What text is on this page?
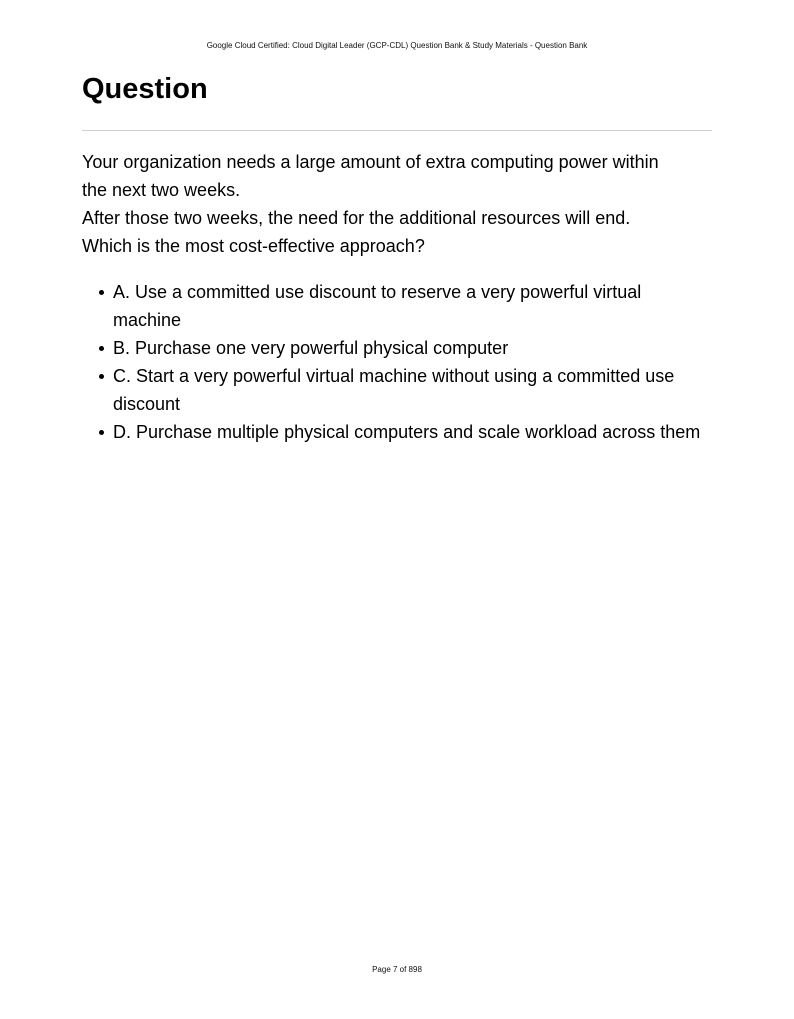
Google Cloud Certified: Cloud Digital Leader (GCP-CDL) Question Bank & Study Materials - Question Bank
Question
Your organization needs a large amount of extra computing power within
the next two weeks.
After those two weeks, the need for the additional resources will end.
Which is the most cost-effective approach?
A. Use a committed use discount to reserve a very powerful virtual machine
B. Purchase one very powerful physical computer
C. Start a very powerful virtual machine without using a committed use discount
D. Purchase multiple physical computers and scale workload across them
Page 7 of 898
